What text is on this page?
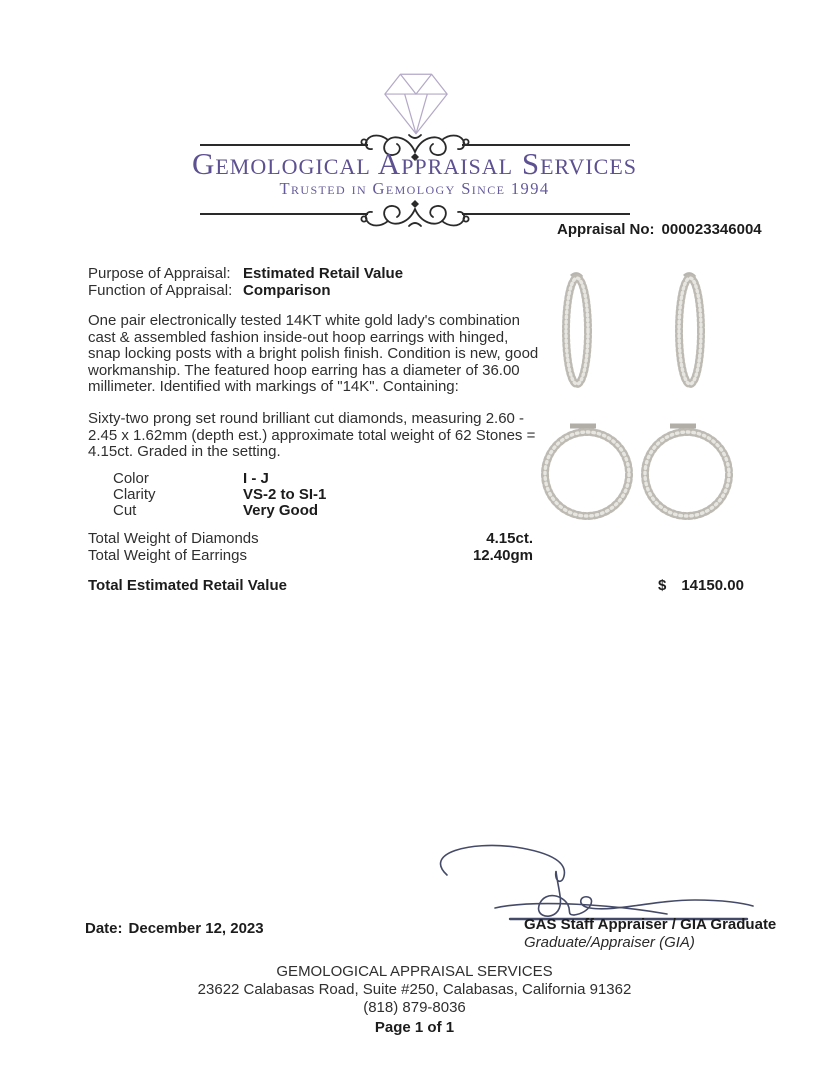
Gemological Appraisal Services
Trusted in Gemology Since 1994
Appraisal No: 000023346004
Purpose of Appraisal: Estimated Retail Value
Function of Appraisal: Comparison
One pair electronically tested 14KT white gold lady's combination cast & assembled fashion inside-out hoop earrings with hinged, snap locking posts with a bright polish finish. Condition is new, good workmanship. The featured hoop earring has a diameter of 36.00 millimeter. Identified with markings of "14K". Containing:
Sixty-two prong set round brilliant cut diamonds, measuring 2.60 - 2.45 x 1.62mm (depth est.) approximate total weight of 62 Stones = 4.15ct. Graded in the setting.
Color	I - J
Clarity	VS-2 to SI-1
Cut	Very Good
Total Weight of Diamonds	4.15ct.
Total Weight of Earrings	12.40gm
Total Estimated Retail Value	$ 14150.00
Date: December 12, 2023	GAS Staff Appraiser / GIA Graduate
Graduate/Appraiser (GIA)
GEMOLOGICAL APPRAISAL SERVICES
23622 Calabasas Road, Suite #250, Calabasas, California 91362
(818) 879-8036
Page 1 of 1
